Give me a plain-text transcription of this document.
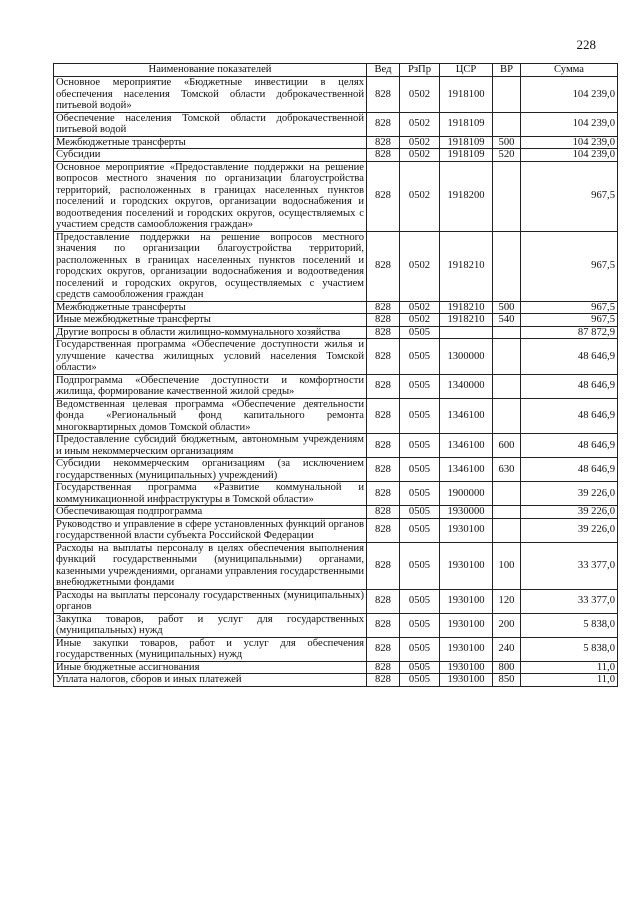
228
Наименование показателей	Вед	РзПр	ЦСР	ВР	Сумма
Основное мероприятие «Бюджетные инвестиции в целях обеспечения населения Томской области доброкачественной питьевой водой»	828	0502	1918100		104 239,0
Обеспечение населения Томской области доброкачественной питьевой водой	828	0502	1918109		104 239,0
Межбюджетные трансферты	828	0502	1918109	500	104 239,0
Субсидии	828	0502	1918109	520	104 239,0
Основное мероприятие «Предоставление поддержки на решение вопросов местного значения по организации благоустройства территорий, расположенных в границах населенных пунктов поселений и городских округов, организации водоснабжения и водоотведения поселений и городских округов, осуществляемых с участием средств самообложения граждан»	828	0502	1918200		967,5
Предоставление поддержки на решение вопросов местного значения по организации благоустройства территорий, расположенных в границах населенных пунктов поселений и городских округов, организации водоснабжения и водоотведения поселений и городских округов, осуществляемых с участием средств самообложения граждан	828	0502	1918210		967,5
Межбюджетные трансферты	828	0502	1918210	500	967,5
Иные межбюджетные трансферты	828	0502	1918210	540	967,5
Другие вопросы в области жилищно-коммунального хозяйства	828	0505			87 872,9
Государственная программа «Обеспечение доступности жилья и улучшение качества жилищных условий населения Томской области»	828	0505	1300000		48 646,9
Подпрограмма «Обеспечение доступности и комфортности жилища, формирование качественной жилой среды»	828	0505	1340000		48 646,9
Ведомственная целевая программа «Обеспечение деятельности фонда «Региональный фонд капитального ремонта многоквартирных домов Томской области»	828	0505	1346100		48 646,9
Предоставление субсидий бюджетным, автономным учреждениям и иным некоммерческим организациям	828	0505	1346100	600	48 646,9
Субсидии некоммерческим организациям (за исключением государственных (муниципальных) учреждений)	828	0505	1346100	630	48 646,9
Государственная программа «Развитие коммунальной и коммуникационной инфраструктуры в Томской области»	828	0505	1900000		39 226,0
Обеспечивающая подпрограмма	828	0505	1930000		39 226,0
Руководство и управление в сфере установленных функций органов государственной власти субъекта Российской Федерации	828	0505	1930100		39 226,0
Расходы на выплаты персоналу в целях обеспечения выполнения функций государственными (муниципальными) органами, казенными учреждениями, органами управления государственными внебюджетными фондами	828	0505	1930100	100	33 377,0
Расходы на выплаты персоналу государственных (муниципальных) органов	828	0505	1930100	120	33 377,0
Закупка товаров, работ и услуг для государственных (муниципальных) нужд	828	0505	1930100	200	5 838,0
Иные закупки товаров, работ и услуг для обеспечения государственных (муниципальных) нужд	828	0505	1930100	240	5 838,0
Иные бюджетные ассигнования	828	0505	1930100	800	11,0
Уплата налогов, сборов и иных платежей	828	0505	1930100	850	11,0
